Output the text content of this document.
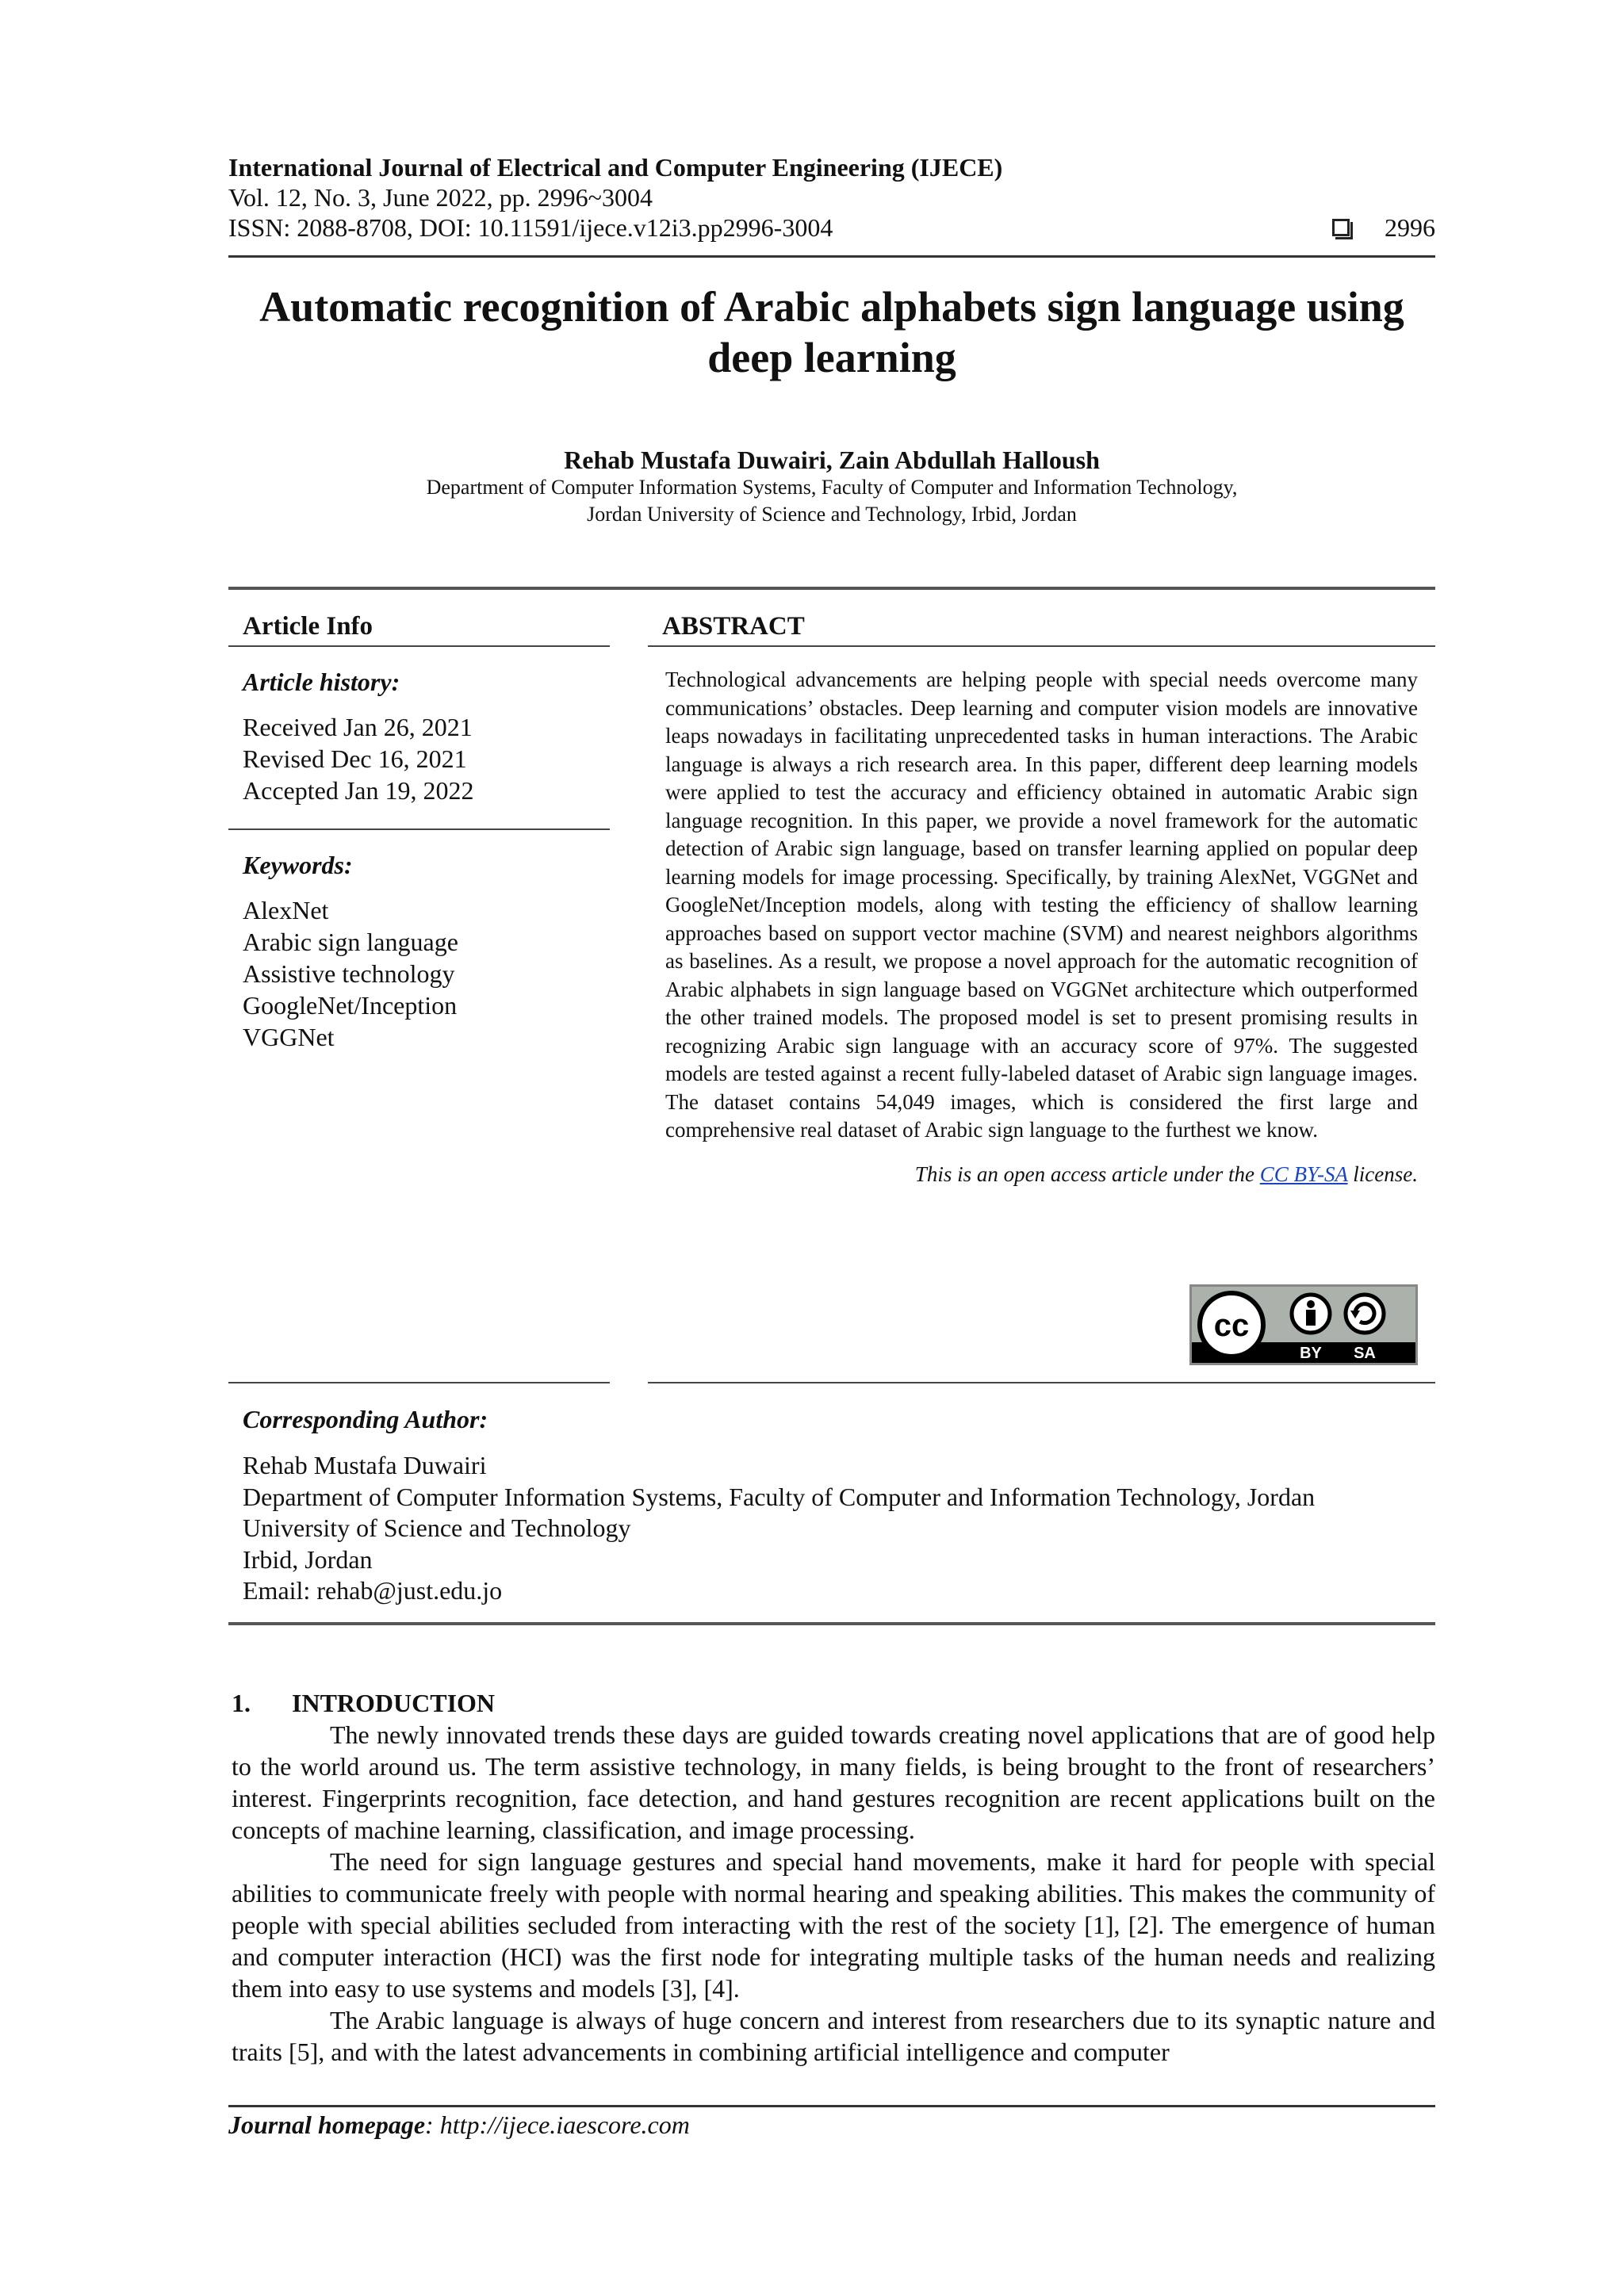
International Journal of Electrical and Computer Engineering (IJECE)
Vol. 12, No. 3, June 2022, pp. 2996~3004
ISSN: 2088-8708, DOI: 10.11591/ijece.v12i3.pp2996-3004	2996
Automatic recognition of Arabic alphabets sign language using deep learning
Rehab Mustafa Duwairi, Zain Abdullah Halloush
Department of Computer Information Systems, Faculty of Computer and Information Technology,
Jordan University of Science and Technology, Irbid, Jordan
Article Info
Article history:
Received Jan 26, 2021
Revised Dec 16, 2021
Accepted Jan 19, 2022
Keywords:
AlexNet
Arabic sign language
Assistive technology
GoogleNet/Inception
VGGNet
ABSTRACT
Technological advancements are helping people with special needs overcome many communications’ obstacles. Deep learning and computer vision models are innovative leaps nowadays in facilitating unprecedented tasks in human interactions. The Arabic language is always a rich research area. In this paper, different deep learning models were applied to test the accuracy and efficiency obtained in automatic Arabic sign language recognition. In this paper, we provide a novel framework for the automatic detection of Arabic sign language, based on transfer learning applied on popular deep learning models for image processing. Specifically, by training AlexNet, VGGNet and GoogleNet/Inception models, along with testing the efficiency of shallow learning approaches based on support vector machine (SVM) and nearest neighbors algorithms as baselines. As a result, we propose a novel approach for the automatic recognition of Arabic alphabets in sign language based on VGGNet architecture which outperformed the other trained models. The proposed model is set to present promising results in recognizing Arabic sign language with an accuracy score of 97%. The suggested models are tested against a recent fully-labeled dataset of Arabic sign language images. The dataset contains 54,049 images, which is considered the first large and comprehensive real dataset of Arabic sign language to the furthest we know.
This is an open access article under the CC BY-SA license.
cc
BY SA
Corresponding Author:
Rehab Mustafa Duwairi
Department of Computer Information Systems, Faculty of Computer and Information Technology, Jordan
University of Science and Technology
Irbid, Jordan
Email: rehab@just.edu.jo
1. INTRODUCTION

The newly innovated trends these days are guided towards creating novel applications that are of good help to the world around us. The term assistive technology, in many fields, is being brought to the front of researchers’ interest. Fingerprints recognition, face detection, and hand gestures recognition are recent applications built on the concepts of machine learning, classification, and image processing.

The need for sign language gestures and special hand movements, make it hard for people with special abilities to communicate freely with people with normal hearing and speaking abilities. This makes the community of people with special abilities secluded from interacting with the rest of the society [1], [2]. The emergence of human and computer interaction (HCI) was the first node for integrating multiple tasks of the human needs and realizing them into easy to use systems and models [3], [4].

The Arabic language is always of huge concern and interest from researchers due to its synaptic nature and traits [5], and with the latest advancements in combining artificial intelligence and computer

Journal homepage: http://ijece.iaescore.com
